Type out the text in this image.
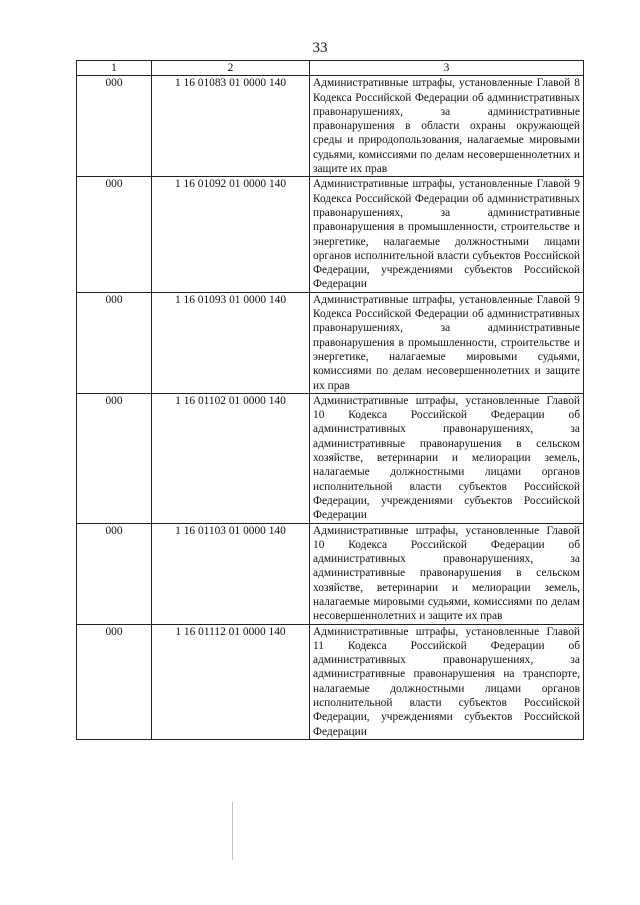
33
1	2	3
000	1 16 01083 01 0000 140	Административные штрафы, установленные Главой 8 Кодекса Российской Федерации об административных правонарушениях, за административные правонарушения в области охраны окружающей среды и природопользования, налагаемые мировыми судьями, комиссиями по делам несовершеннолетних и защите их прав
000	1 16 01092 01 0000 140	Административные штрафы, установленные Главой 9 Кодекса Российской Федерации об административных правонарушениях, за административные правонарушения в промышленности, строительстве и энергетике, налагаемые должностными лицами органов исполнительной власти субъектов Российской Федерации, учреждениями субъектов Российской Федерации
000	1 16 01093 01 0000 140	Административные штрафы, установленные Главой 9 Кодекса Российской Федерации об административных правонарушениях, за административные правонарушения в промышленности, строительстве и энергетике, налагаемые мировыми судьями, комиссиями по делам несовершеннолетних и защите их прав
000	1 16 01102 01 0000 140	Административные штрафы, установленные Главой 10 Кодекса Российской Федерации об административных правонарушениях, за административные правонарушения в сельском хозяйстве, ветеринарии и мелиорации земель, налагаемые должностными лицами органов исполнительной власти субъектов Российской Федерации, учреждениями субъектов Российской Федерации
000	1 16 01103 01 0000 140	Административные штрафы, установленные Главой 10 Кодекса Российской Федерации об административных правонарушениях, за административные правонарушения в сельском хозяйстве, ветеринарии и мелиорации земель, налагаемые мировыми судьями, комиссиями по делам несовершеннолетних и защите их прав
000	1 16 01112 01 0000 140	Административные штрафы, установленные Главой 11 Кодекса Российской Федерации об административных правонарушениях, за административные правонарушения на транспорте, налагаемые должностными лицами органов исполнительной власти субъектов Российской Федерации, учреждениями субъектов Российской Федерации
